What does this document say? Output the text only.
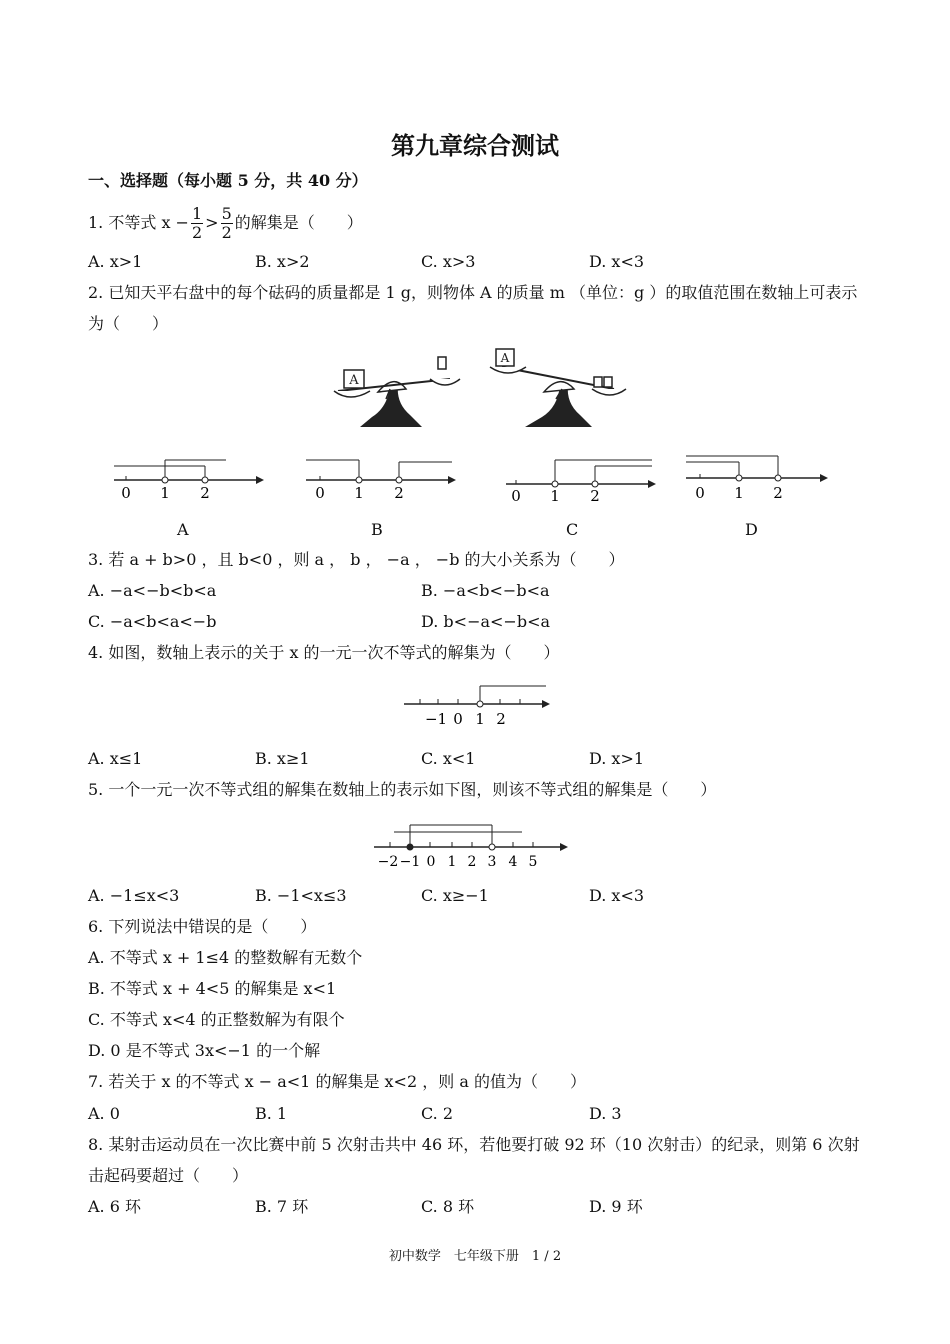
第九章综合测试
一、选择题（每小题 5 分，共 40 分）
1. 不等式 $x - \frac{1}{2} > \frac{5}{2}$ 的解集是（　　）
A. x>1	B. x>2	C. x>3	D. x<3
2. 已知天平右盘中的每个砝码的质量都是 1 g，则物体 A 的质量 m （单位：g ）的取值范围在数轴上可表示
为（　　）
A
A
0 1 2	0 1 2	0 1 2	0 1 2
A	B	C	D
3. 若 a + b>0 ，且 b<0 ，则 a ， b ， −a ， −b 的大小关系为（　　）
A. −a<−b<b<a	B. −a<b<−b<a
C. −a<b<a<−b	D. b<−a<−b<a
4. 如图，数轴上表示的关于 x 的一元一次不等式的解集为（　　）
−1 0 1 2
A. x≤1	B. x≥1	C. x<1	D. x>1
5. 一个一元一次不等式组的解集在数轴上的表示如下图，则该不等式组的解集是（　　）
−2 −1 0 1 2 3 4 5
A. −1≤x<3	B. −1<x≤3	C. x≥−1	D. x<3
6. 下列说法中错误的是（　　）
A. 不等式 x + 1≤4 的整数解有无数个
B. 不等式 x + 4<5 的解集是 x<1
C. 不等式 x<4 的正整数解为有限个
D. 0 是不等式 3x<−1 的一个解
7. 若关于 x 的不等式 x − a<1 的解集是 x<2 ，则 a 的值为（　　）
A. 0	B. 1	C. 2	D. 3
8. 某射击运动员在一次比赛中前 5 次射击共中 46 环，若他要打破 92 环（10 次射击）的纪录，则第 6 次射
击起码要超过（　　）
A. 6 环	B. 7 环	C. 8 环	D. 9 环
初中数学　七年级下册　1 / 2
